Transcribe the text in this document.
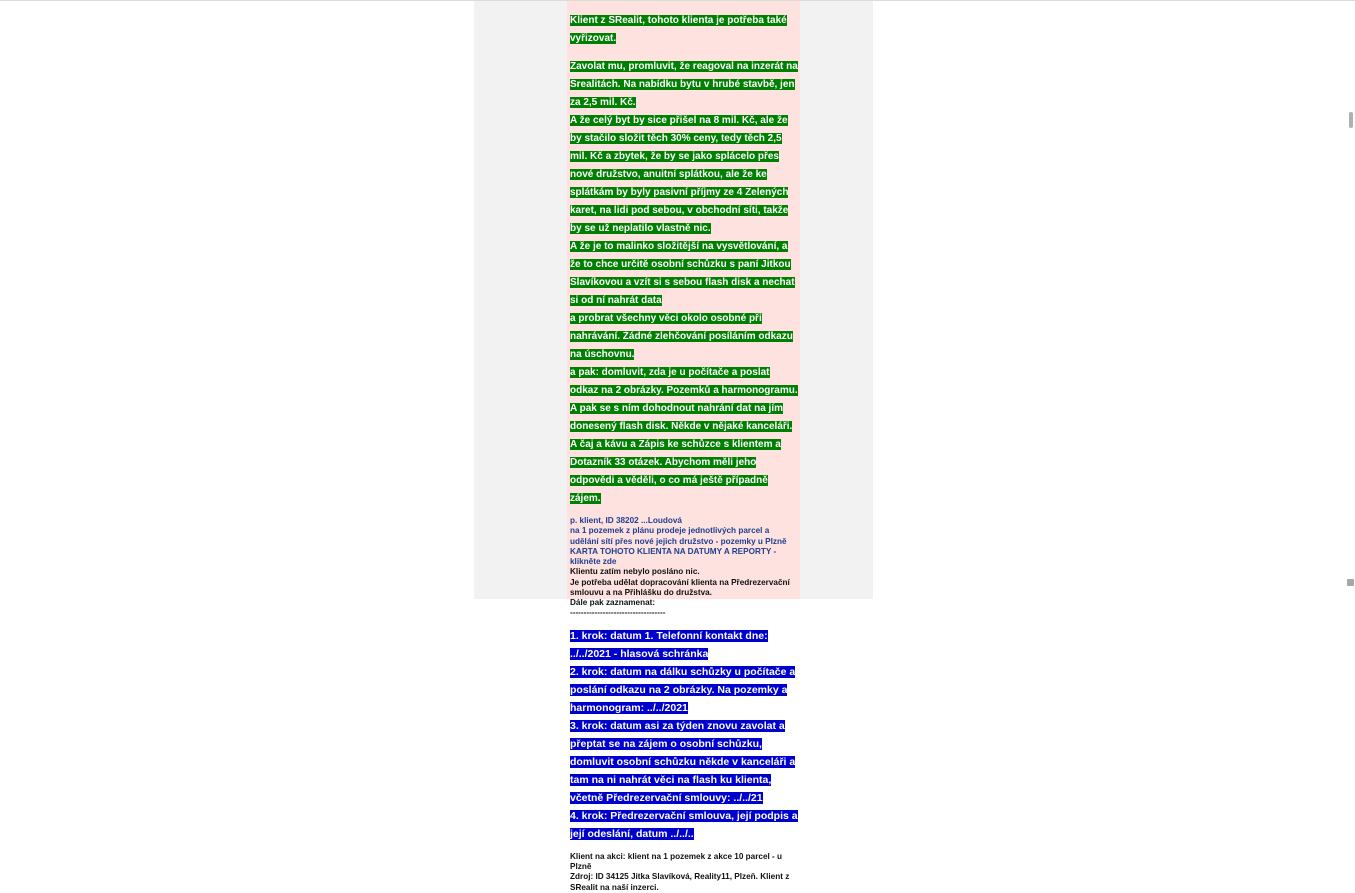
Klient z SRealit, tohoto klienta je potřeba také vyřizovat.

Zavolat mu, promluvit, že reagoval na inzerát na Srealitách. Na nabídku bytu v hrubé stavbě, jen za 2,5 mil. Kč.

A že celý byt by sice přišel na 8 mil. Kč, ale že by stačilo složit těch 30% ceny, tedy těch 2,5 mil. Kč a zbytek, že by se jako splácelo přes nové družstvo, anuitní splátkou, ale že ke splátkám by byly pasivní příjmy ze 4 Zelených karet, na lidi pod sebou, v obchodní síti, takže by se už neplatilo vlastně nic.

A že je to malinko složitější na vysvětlování, a že to chce určitě osobní schůzku s paní Jitkou Slavíkovou a vzít si s sebou flash disk a nechat si od ní nahrát data

a probrat všechny věci okolo osobné při nahrávání. Žádné zlehčování posíláním odkazu na úschovnu.

a pak: domluvit, zda je u počítače a poslat odkaz na 2 obrázky. Pozemků a harmonogramu. A pak se s ním dohodnout nahrání dat na jím donesený flash disk. Někde v nějaké kanceláři. A čaj a kávu a Zápis ke schůzce s klientem a Dotazník 33 otázek. Abychom měli jeho odpovědi a věděli, o co má ještě případně zájem.

p. klient, ID 38202 ...Loudová
na 1 pozemek z plánu prodeje jednotlivých parcel a udělání sítí přes nové jejich družstvo - pozemky u Plzně
KARTA TOHOTO KLIENTA NA DATUMY A REPORTY - klikněte zde
Klientu zatím nebylo posláno nic.
Je potřeba udělat dopracování klienta na Předrezervační smlouvu a na Přihlášku do družstva.
Dále pak zaznamenat:
-----------------------------------

1. krok: datum 1. Telefonní kontakt dne: ../../2021 - hlasová schránka

2. krok: datum na dálku schůzky u počítače a poslání odkazu na 2 obrázky. Na pozemky a harmonogram: ../../2021

3. krok: datum asi za týden znovu zavolat a přeptat se na zájem o osobní schůzku, domluvit osobní schůzku někde v kanceláři a tam na ni nahrát věci na flash ku klienta, včetně Předrezervační smlouvy: ../../21

4. krok: Předrezervační smlouva, její podpis a její odeslání, datum ../../..

Klient na akci: klient na 1 pozemek z akce 10 parcel - u Plzně
Zdroj: ID 34125 Jitka Slavíková, Reality11, Plzeň. Klient z SRealit na naší inzerci.
